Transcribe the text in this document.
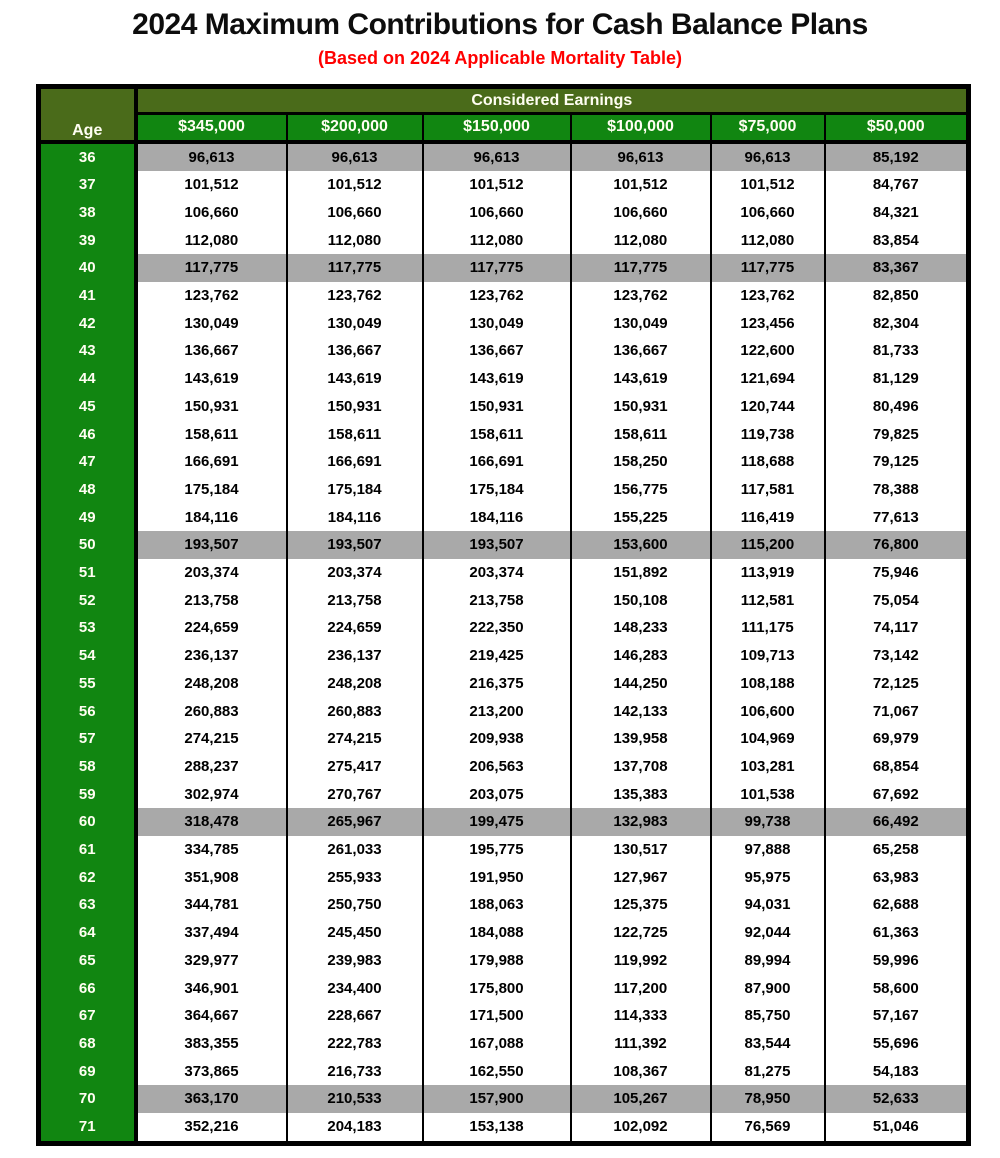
2024 Maximum Contributions for Cash Balance Plans
(Based on 2024 Applicable Mortality Table)
Age	Considered Earnings					
	$345,000	$200,000	$150,000	$100,000	$75,000	$50,000
36	96,613	96,613	96,613	96,613	96,613	85,192
37	101,512	101,512	101,512	101,512	101,512	84,767
38	106,660	106,660	106,660	106,660	106,660	84,321
39	112,080	112,080	112,080	112,080	112,080	83,854
40	117,775	117,775	117,775	117,775	117,775	83,367
41	123,762	123,762	123,762	123,762	123,762	82,850
42	130,049	130,049	130,049	130,049	123,456	82,304
43	136,667	136,667	136,667	136,667	122,600	81,733
44	143,619	143,619	143,619	143,619	121,694	81,129
45	150,931	150,931	150,931	150,931	120,744	80,496
46	158,611	158,611	158,611	158,611	119,738	79,825
47	166,691	166,691	166,691	158,250	118,688	79,125
48	175,184	175,184	175,184	156,775	117,581	78,388
49	184,116	184,116	184,116	155,225	116,419	77,613
50	193,507	193,507	193,507	153,600	115,200	76,800
51	203,374	203,374	203,374	151,892	113,919	75,946
52	213,758	213,758	213,758	150,108	112,581	75,054
53	224,659	224,659	222,350	148,233	111,175	74,117
54	236,137	236,137	219,425	146,283	109,713	73,142
55	248,208	248,208	216,375	144,250	108,188	72,125
56	260,883	260,883	213,200	142,133	106,600	71,067
57	274,215	274,215	209,938	139,958	104,969	69,979
58	288,237	275,417	206,563	137,708	103,281	68,854
59	302,974	270,767	203,075	135,383	101,538	67,692
60	318,478	265,967	199,475	132,983	99,738	66,492
61	334,785	261,033	195,775	130,517	97,888	65,258
62	351,908	255,933	191,950	127,967	95,975	63,983
63	344,781	250,750	188,063	125,375	94,031	62,688
64	337,494	245,450	184,088	122,725	92,044	61,363
65	329,977	239,983	179,988	119,992	89,994	59,996
66	346,901	234,400	175,800	117,200	87,900	58,600
67	364,667	228,667	171,500	114,333	85,750	57,167
68	383,355	222,783	167,088	111,392	83,544	55,696
69	373,865	216,733	162,550	108,367	81,275	54,183
70	363,170	210,533	157,900	105,267	78,950	52,633
71	352,216	204,183	153,138	102,092	76,569	51,046
